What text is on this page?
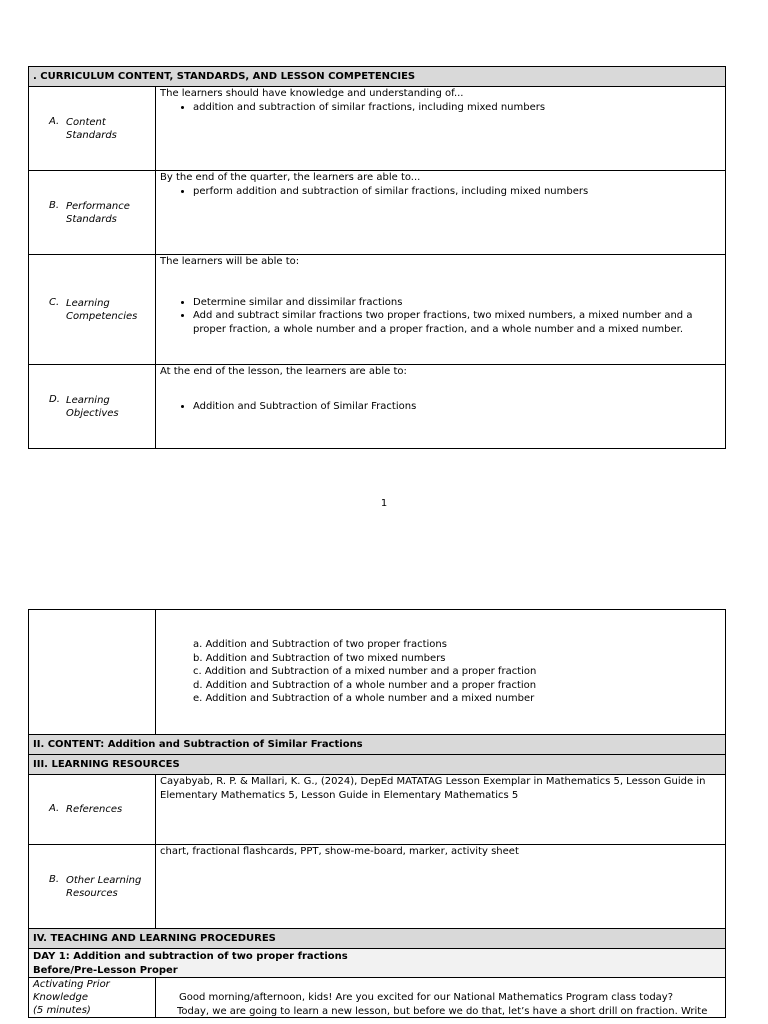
. CURRICULUM CONTENT, STANDARDS, AND LESSON COMPETENCIES
A. Content Standards
The learners should have knowledge and understanding of...
• addition and subtraction of similar fractions, including mixed numbers
B. Performance Standards
By the end of the quarter, the learners are able to...
• perform addition and subtraction of similar fractions, including mixed numbers
C. Learning Competencies
The learners will be able to:
• Determine similar and dissimilar fractions
• Add and subtract similar fractions two proper fractions, two mixed numbers, a mixed number and a proper fraction, a whole number and a proper fraction, and a whole number and a mixed number.
D. Learning Objectives
At the end of the lesson, the learners are able to:
• Addition and Subtraction of Similar Fractions
1
a. Addition and Subtraction of two proper fractions
b. Addition and Subtraction of two mixed numbers
c. Addition and Subtraction of a mixed number and a proper fraction
d. Addition and Subtraction of a whole number and a proper fraction
e. Addition and Subtraction of a whole number and a mixed number
II. CONTENT: Addition and Subtraction of Similar Fractions
III. LEARNING RESOURCES
A. References
Cayabyab, R. P. & Mallari, K. G., (2024), DepEd MATATAG Lesson Exemplar in Mathematics 5, Lesson Guide in Elementary Mathematics 5, Lesson Guide in Elementary Mathematics 5
B. Other Learning Resources
chart, fractional flashcards, PPT, show-me-board, marker, activity sheet
IV. TEACHING AND LEARNING PROCEDURES
DAY 1: Addition and subtraction of two proper fractions
Before/Pre-Lesson Proper
Activating Prior
Knowledge
(5 minutes)
Good morning/afternoon, kids! Are you excited for our National Mathematics Program class today?
Today, we are going to learn a new lesson, but before we do that, let’s have a short drill on fraction. Write
